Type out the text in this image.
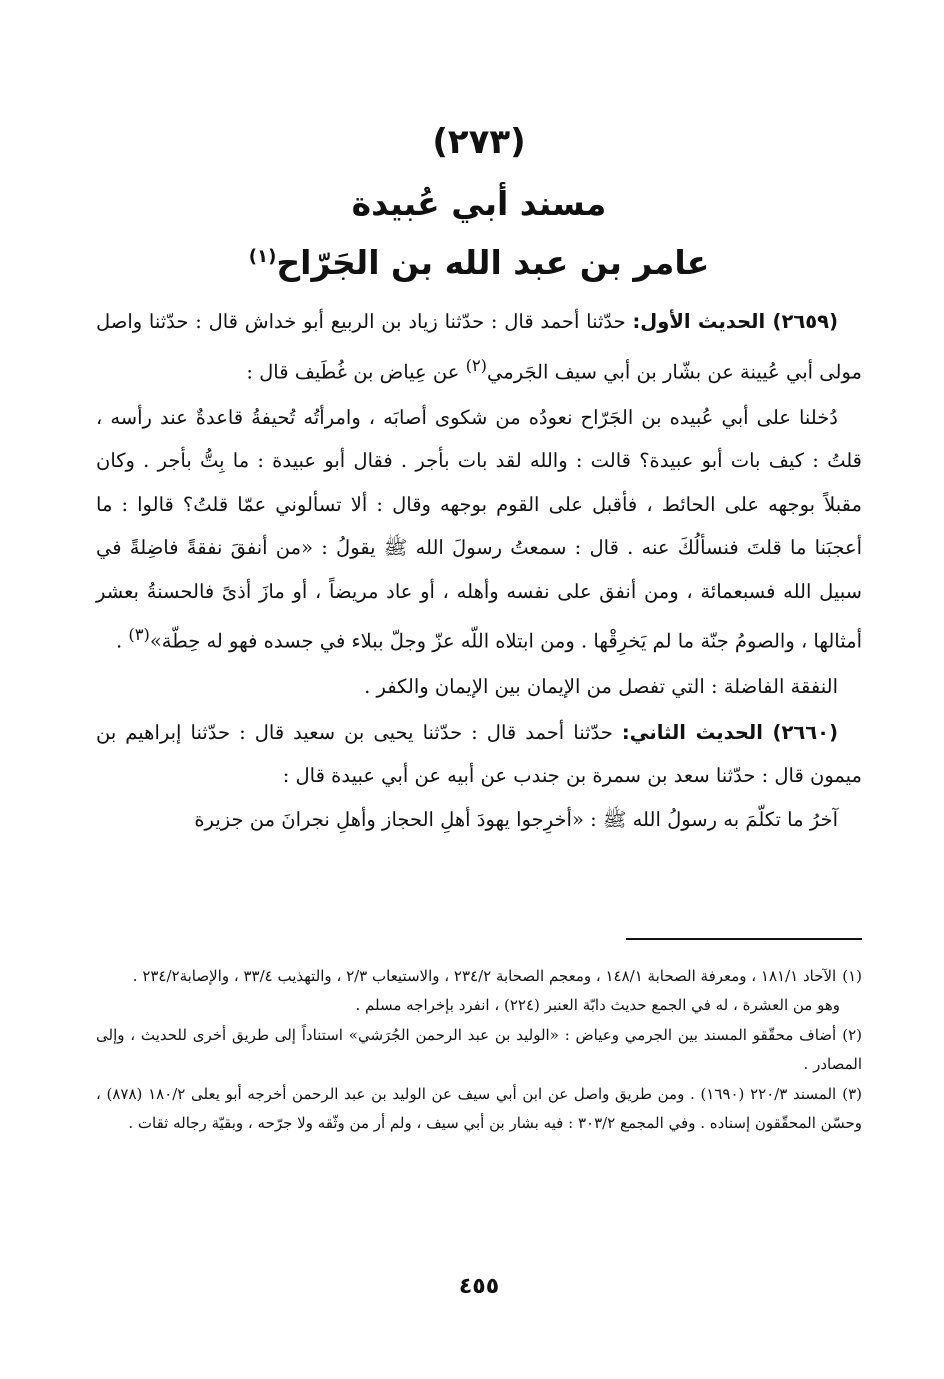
(٢٧٣)
مسند أبي عُبيدة
عامر بن عبد الله بن الجَرّاح$^{(١)}$

(٢٦٥٩) الحديث الأول: حدّثنا أحمد قال : حدّثنا زياد بن الربيع أبو خداش قال : حدّثنا واصل مولى أبي عُيينة عن بشّار بن أبي سيف الجَرمي$^{(٢)}$ عن عِياض بن غُطَيف قال :

دُخلنا على أبي عُبيده بن الجَرّاح نعودُه من شكوى أصابَه ، وامرأتُه تُحيفةُ قاعدةٌ عند رأسه ، قلتُ : كيف بات أبو عبيدة؟ قالت : والله لقد بات بأجر . فقال أبو عبيدة : ما بِتُّ بأجر . وكان مقبلاً بوجهه على الحائط ، فأقبل على القوم بوجهه وقال : ألا تسألوني عمّا قلتُ؟ قالوا : ما أعجبَنا ما قلتَ فنسألُكَ عنه . قال : سمعتُ رسولَ الله ﷺ يقولُ : «من أنفقَ نفقةً فاضِلةً في سبيل الله فسبعمائة ، ومن أنفق على نفسه وأهله ، أو عاد مريضاً ، أو مازَ أذىً فالحسنةُ بعشر أمثالها ، والصومُ جنّة ما لم يَخرِقْها . ومن ابتلاه اللّه عزّ وجلّ ببلاء في جسده فهو له حِطّة»$^{(٣)}$ .

النفقة الفاضلة : التي تفصل من الإيمان بين الإيمان والكفر .

(٢٦٦٠) الحديث الثاني: حدّثنا أحمد قال : حدّثنا يحيى بن سعيد قال : حدّثنا إبراهيم بن ميمون قال : حدّثنا سعد بن سمرة بن جندب عن أبيه عن أبي عبيدة قال :

آخرُ ما تكلّمَ به رسولُ الله ﷺ : «أخرِجوا يهودَ أهلِ الحجاز وأهلِ نجرانَ من جزيرة

(١)الآحاد ١٨١/١ ، ومعرفة الصحابة ١٤٨/١ ، ومعجم الصحابة ٢٣٤/٢ ، والاستيعاب ٢/٣ ، والتهذيب ٣٣/٤ ، والإصابة٢٣٤/٢ .
وهو من العشرة ، له في الجمع حديث دابّة العنبر (٢٢٤) ، انفرد بإخراجه مسلم .
(٢)أضاف محقّقو المسند بين الجرمي وعياض : «الوليد بن عبد الرحمن الجُرَشي» استناداً إلى طريق أخرى للحديث ، وإلى المصادر .
(٣)المسند ٢٢٠/٣ (١٦٩٠) . ومن طريق واصل عن ابن أبي سيف عن الوليد بن عبد الرحمن أخرجه أبو يعلى ١٨٠/٢ (٨٧٨) ، وحسّن المحقّقون إسناده . وفي المجمع ٣٠٣/٢ : فيه بشار بن أبي سيف ، ولم أر من وثّقه ولا جرّحه ، وبقيّة رجاله ثقات .
٤٥٥
